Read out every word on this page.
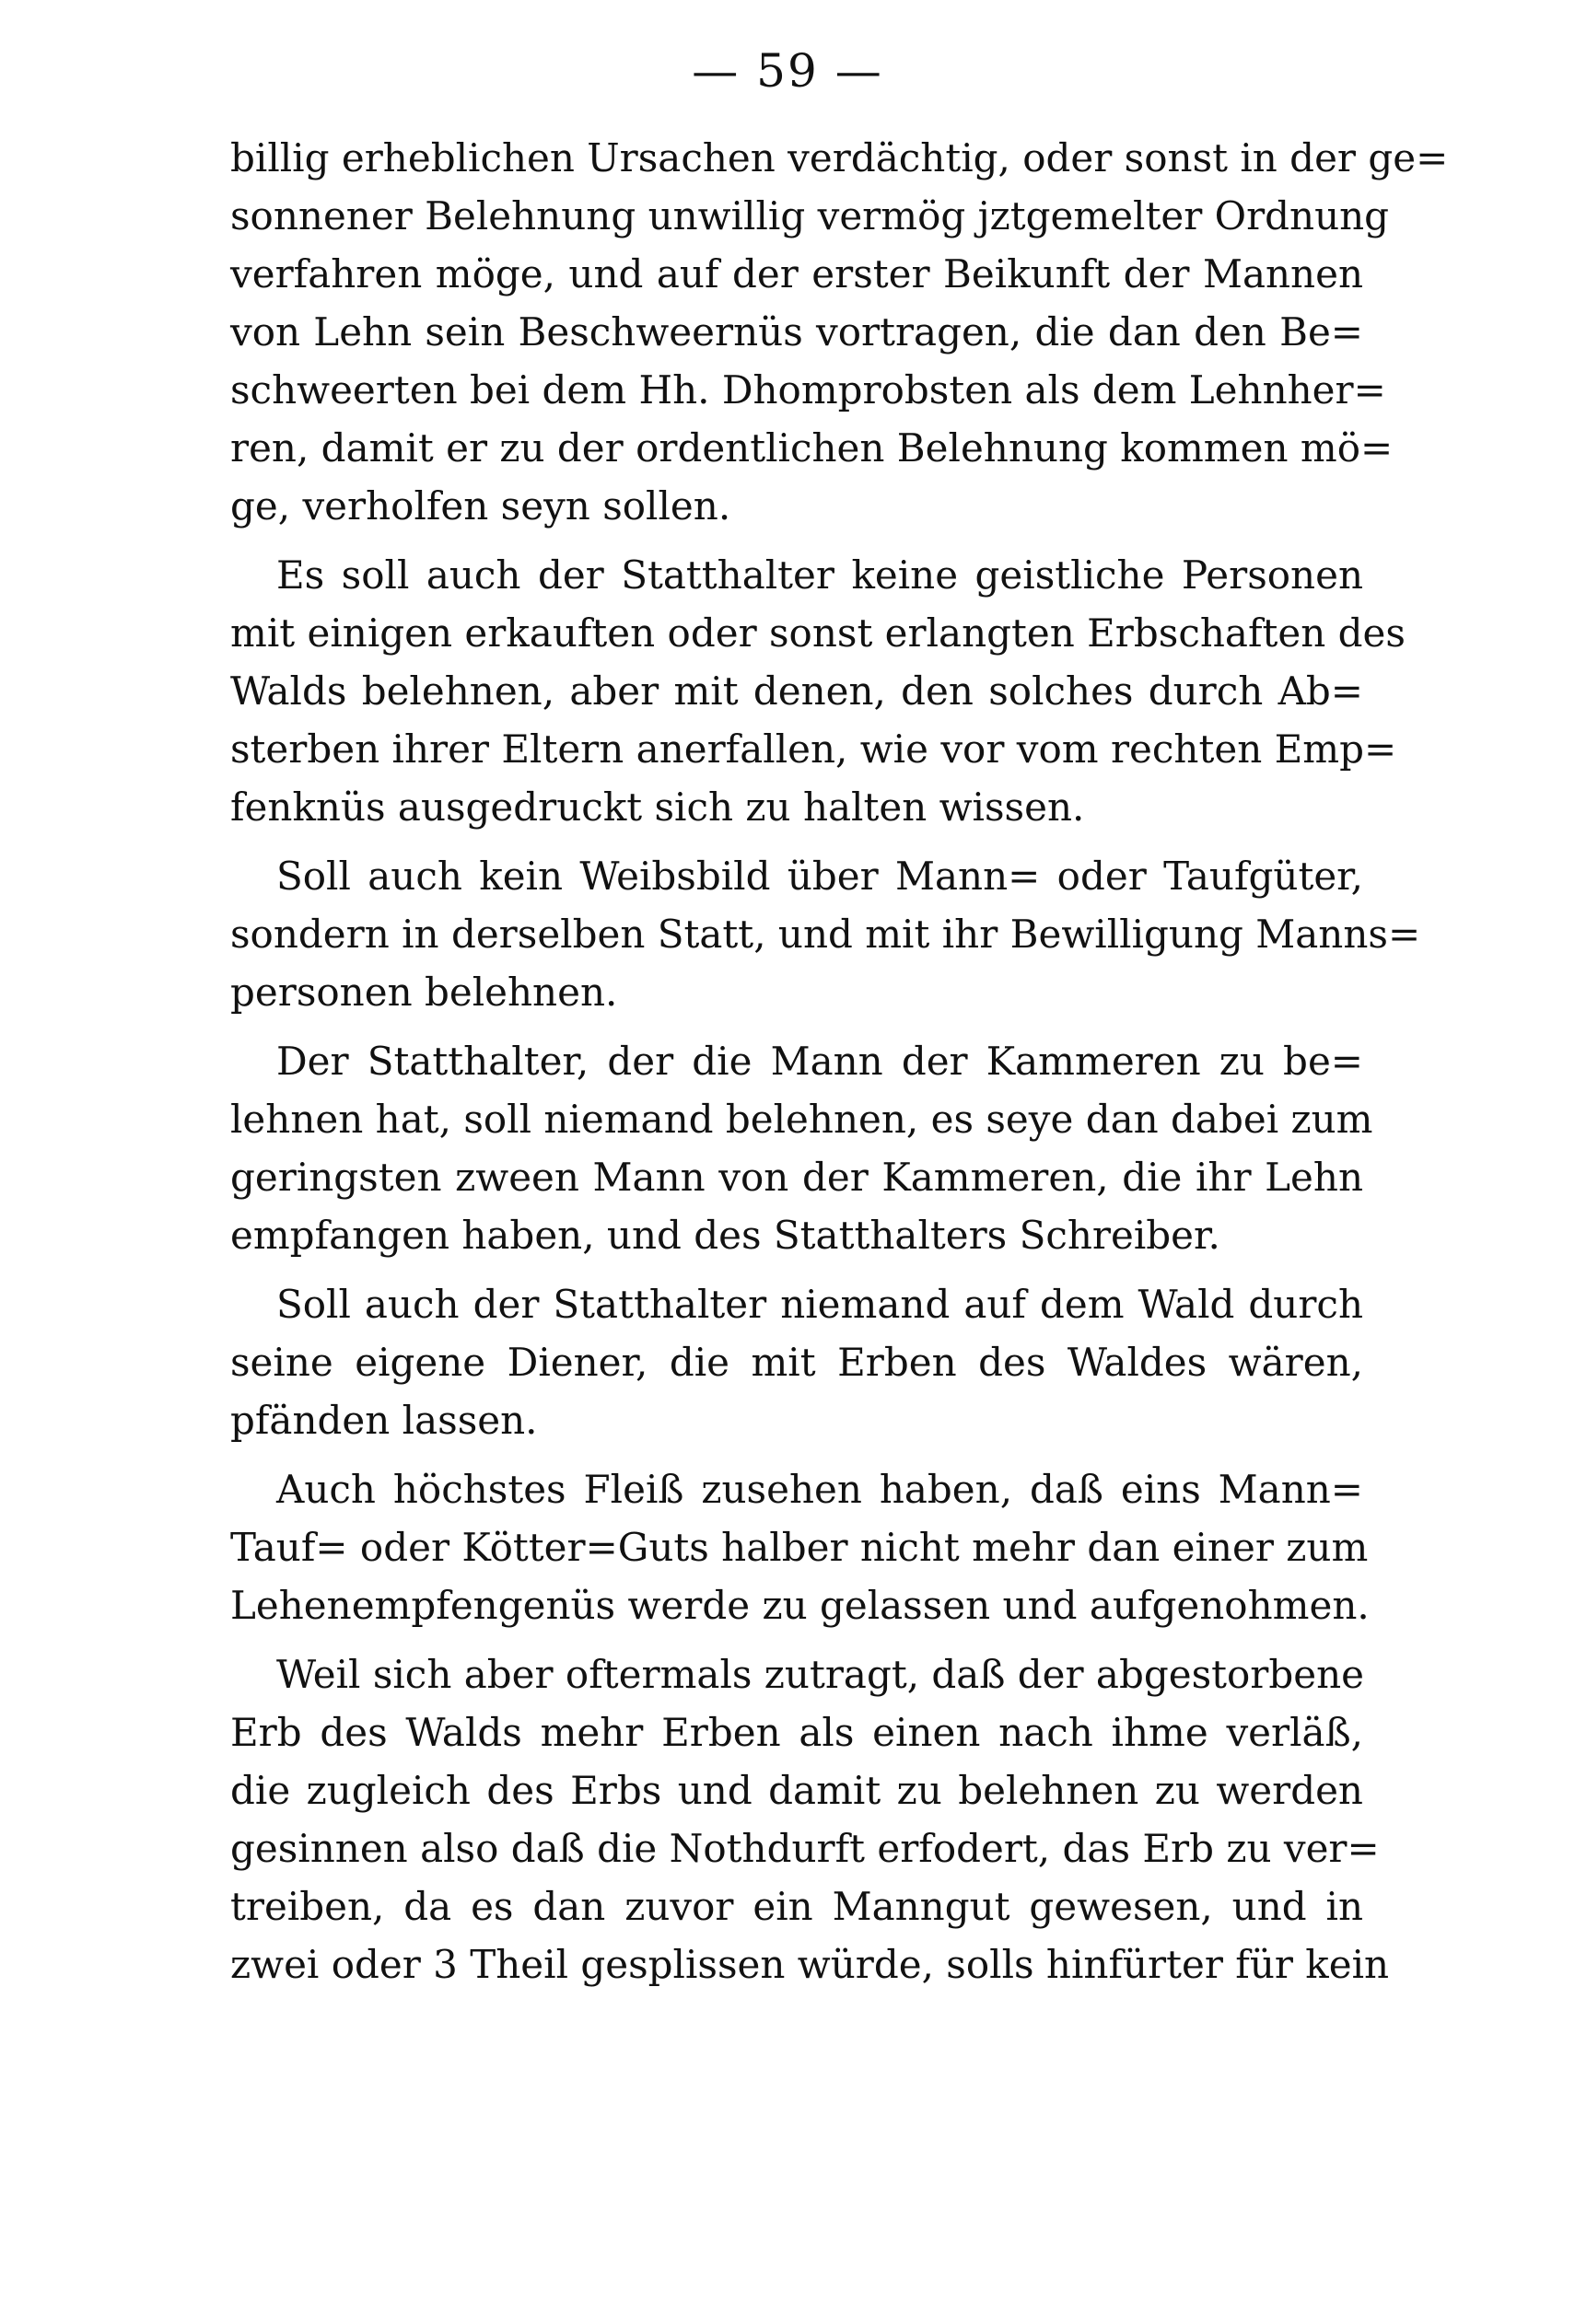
— 59 —
billig erheblichen Ursachen verdächtig, oder sonst in der ge=
sonnener Belehnung unwillig vermög jztgemelter Ordnung
verfahren möge, und auf der erster Beikunft der Mannen
von Lehn sein Beschweernüs vortragen, die dan den Be=
schweerten bei dem Hh. Dhomprobsten als dem Lehnher=
ren, damit er zu der ordentlichen Belehnung kommen mö=
ge, verholfen seyn sollen.
Es soll auch der Statthalter keine geistliche Personen
mit einigen erkauften oder sonst erlangten Erbschaften des
Walds belehnen, aber mit denen, den solches durch Ab=
sterben ihrer Eltern anerfallen, wie vor vom rechten Emp=
fenknüs ausgedruckt sich zu halten wissen.
Soll auch kein Weibsbild über Mann= oder Taufgüter,
sondern in derselben Statt, und mit ihr Bewilligung Manns=
personen belehnen.
Der Statthalter, der die Mann der Kammeren zu be=
lehnen hat, soll niemand belehnen, es seye dan dabei zum
geringsten zween Mann von der Kammeren, die ihr Lehn
empfangen haben, und des Statthalters Schreiber.
Soll auch der Statthalter niemand auf dem Wald durch
seine eigene Diener, die mit Erben des Waldes wären,
pfänden lassen.
Auch höchstes Fleiß zusehen haben, daß eins Mann=
Tauf= oder Kötter=Guts halber nicht mehr dan einer zum
Lehenempfengenüs werde zu gelassen und aufgenohmen.
Weil sich aber oftermals zutragt, daß der abgestorbene
Erb des Walds mehr Erben als einen nach ihme verläß,
die zugleich des Erbs und damit zu belehnen zu werden
gesinnen also daß die Nothdurft erfodert, das Erb zu ver=
treiben, da es dan zuvor ein Manngut gewesen, und in
zwei oder 3 Theil gesplissen würde, solls hinfürter für kein
